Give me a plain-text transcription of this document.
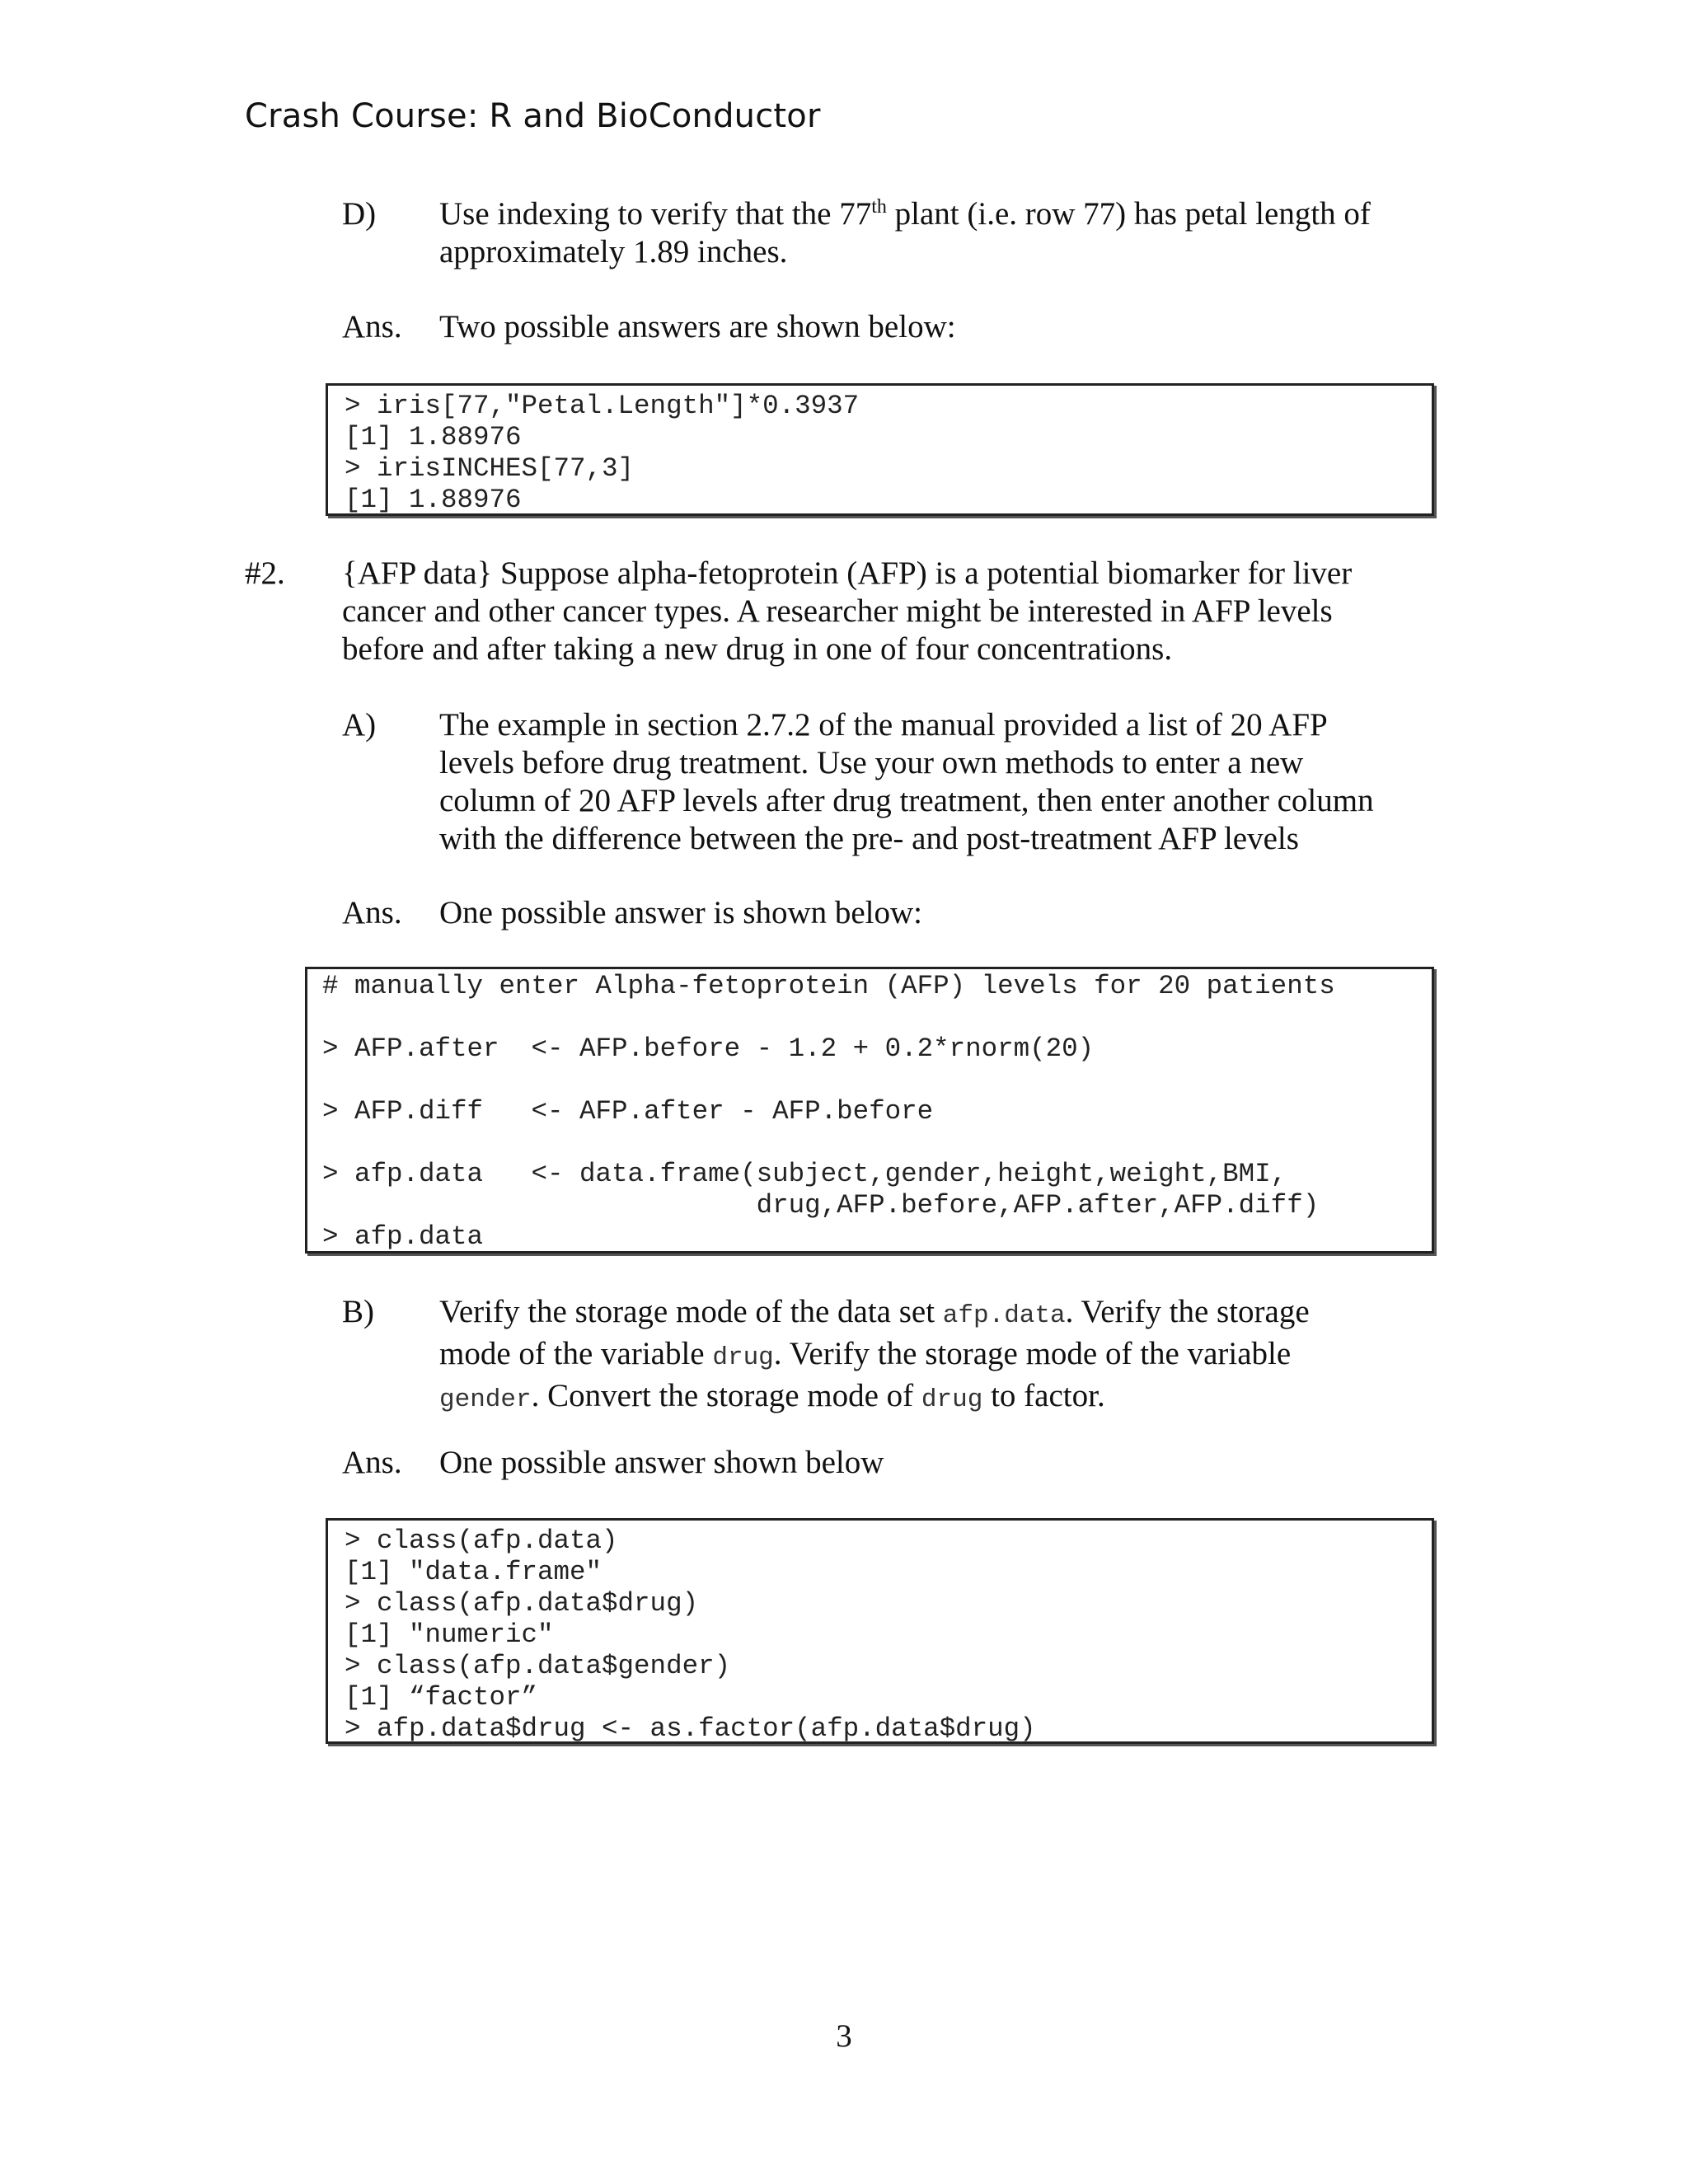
Crash Course: R and BioConductor
D) Use indexing to verify that the 77th plant (i.e. row 77) has petal length of
approximately 1.89 inches.
Ans. Two possible answers are shown below:
> iris[77,"Petal.Length"]*0.3937
[1] 1.88976
> irisINCHES[77,3]
[1] 1.88976
#2. {AFP data} Suppose alpha-fetoprotein (AFP) is a potential biomarker for liver
cancer and other cancer types. A researcher might be interested in AFP levels
before and after taking a new drug in one of four concentrations.
A) The example in section 2.7.2 of the manual provided a list of 20 AFP
levels before drug treatment. Use your own methods to enter a new
column of 20 AFP levels after drug treatment, then enter another column
with the difference between the pre- and post-treatment AFP levels
Ans. One possible answer is shown below:
# manually enter Alpha-fetoprotein (AFP) levels for 20 patients

> AFP.after  <- AFP.before - 1.2 + 0.2*rnorm(20)

> AFP.diff   <- AFP.after - AFP.before

> afp.data   <- data.frame(subject,gender,height,weight,BMI,
drug,AFP.before,AFP.after,AFP.diff)
> afp.data
B) Verify the storage mode of the data set afp.data. Verify the storage
mode of the variable drug. Verify the storage mode of the variable
gender. Convert the storage mode of drug to factor.
Ans. One possible answer shown below
> class(afp.data)
[1] "data.frame"
> class(afp.data$drug)
[1] "numeric"
> class(afp.data$gender)
[1] “factor”
> afp.data$drug <- as.factor(afp.data$drug)
3
